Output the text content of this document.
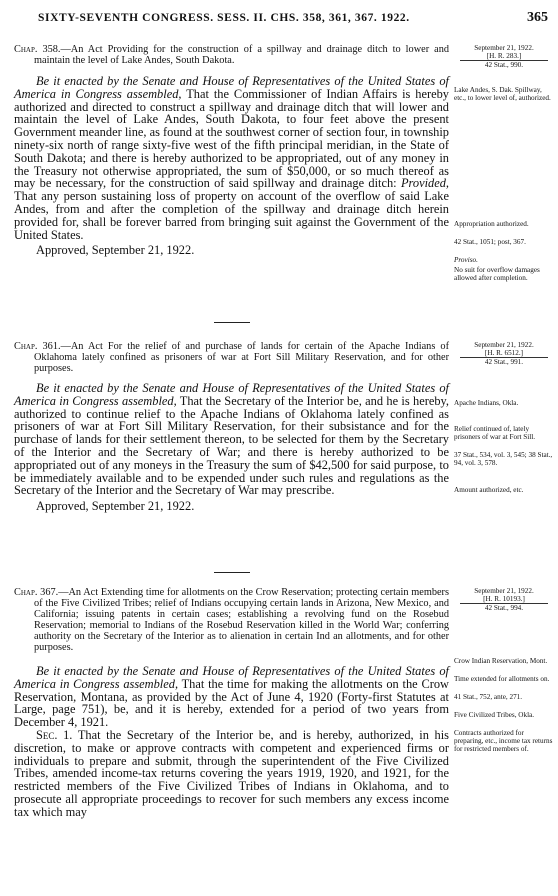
SIXTY-SEVENTH CONGRESS. SESS. II. CHS. 358, 361, 367. 1922.	365
Chap. 358.—An Act Providing for the construction of a spillway and drainage ditch to lower and maintain the level of Lake Andes, South Dakota.

Be it enacted by the Senate and House of Representatives of the United States of America in Congress assembled, That the Commissioner of Indian Affairs is hereby authorized and directed to construct a spillway and drainage ditch that will lower and maintain the level of Lake Andes, South Dakota, to four feet above the present Government meander line, as found at the southwest corner of section four, in township ninety-six north of range sixty-five west of the fifth principal meridian, in the State of South Dakota; and there is hereby authorized to be appropriated, out of any money in the Treasury not otherwise appropriated, the sum of $50,000, or so much thereof as may be necessary, for the construction of said spillway and drainage ditch: Provided, That any person sustaining loss of property on account of the overflow of said Lake Andes, from and after the completion of the spillway and drainage ditch herein provided for, shall be forever barred from bringing suit against the Government of the United States.

Approved, September 21, 1922.
September 21, 1922.
[H. R. 283.]
42 Stat., 990.
Lake Andes, S. Dak. Spillway, etc., to lower level of, authorized.
Appropriation authorized.
42 Stat., 1051; post, 367.
Proviso.
No suit for overflow damages allowed after completion.
Chap. 361.—An Act For the relief of and purchase of lands for certain of the Apache Indians of Oklahoma lately confined as prisoners of war at Fort Sill Military Reservation, and for other purposes.

Be it enacted by the Senate and House of Representatives of the United States of America in Congress assembled, That the Secretary of the Interior be, and he is hereby, authorized to continue relief to the Apache Indians of Oklahoma lately confined as prisoners of war at Fort Sill Military Reservation, for their subsistance and for the purchase of lands for their settlement thereon, to be selected for them by the Secretary of the Interior and the Secretary of War; and there is hereby authorized to be appropriated out of any moneys in the Treasury the sum of $42,500 for said purpose, to be immediately available and to be expended under such rules and regulations as the Secretary of the Interior and the Secretary of War may prescribe.

Approved, September 21, 1922.
September 21, 1922.
[H. R. 6512.]
42 Stat., 991.
Apache Indians, Okla.
Relief continued of, lately prisoners of war at Fort Sill.
37 Stat., 534, vol. 3, 545; 38 Stat., 94, vol. 3, 578.
Amount authorized, etc.
Chap. 367.—An Act Extending time for allotments on the Crow Reservation; protecting certain members of the Five Civilized Tribes; relief of Indians occupying certain lands in Arizona, New Mexico, and California; issuing patents in certain cases; establishing a revolving fund on the Rosebud Reservation; memorial to Indians of the Rosebud Reservation killed in the World War; conferring authority on the Secretary of the Interior as to alienation in certain Ind an allotments, and for other purposes.

Be it enacted by the Senate and House of Representatives of the United States of America in Congress assembled, That the time for making the allotments on the Crow Reservation, Montana, as provided by the Act of June 4, 1920 (Forty-first Statutes at Large, page 751), be, and it is hereby, extended for a period of two years from December 4, 1921.

Sec. 1. That the Secretary of the Interior be, and is hereby, authorized, in his discretion, to make or approve contracts with competent and experienced firms or individuals to prepare and submit, through the superintendent of the Five Civilized Tribes, amended income-tax returns covering the years 1919, 1920, and 1921, for the restricted members of the Five Civilized Tribes of Indians in Oklahoma, and to prosecute all appropriate proceedings to recover for such members any excess income tax which may

September 21, 1922.
[H. R. 10193.]
42 Stat., 994.
Crow Indian Reservation, Mont.
Time extended for allotments on.
41 Stat., 752, ante, 271.
Five Civilized Tribes, Okla.
Contracts authorized for preparing, etc., income tax returns for restricted members of.
